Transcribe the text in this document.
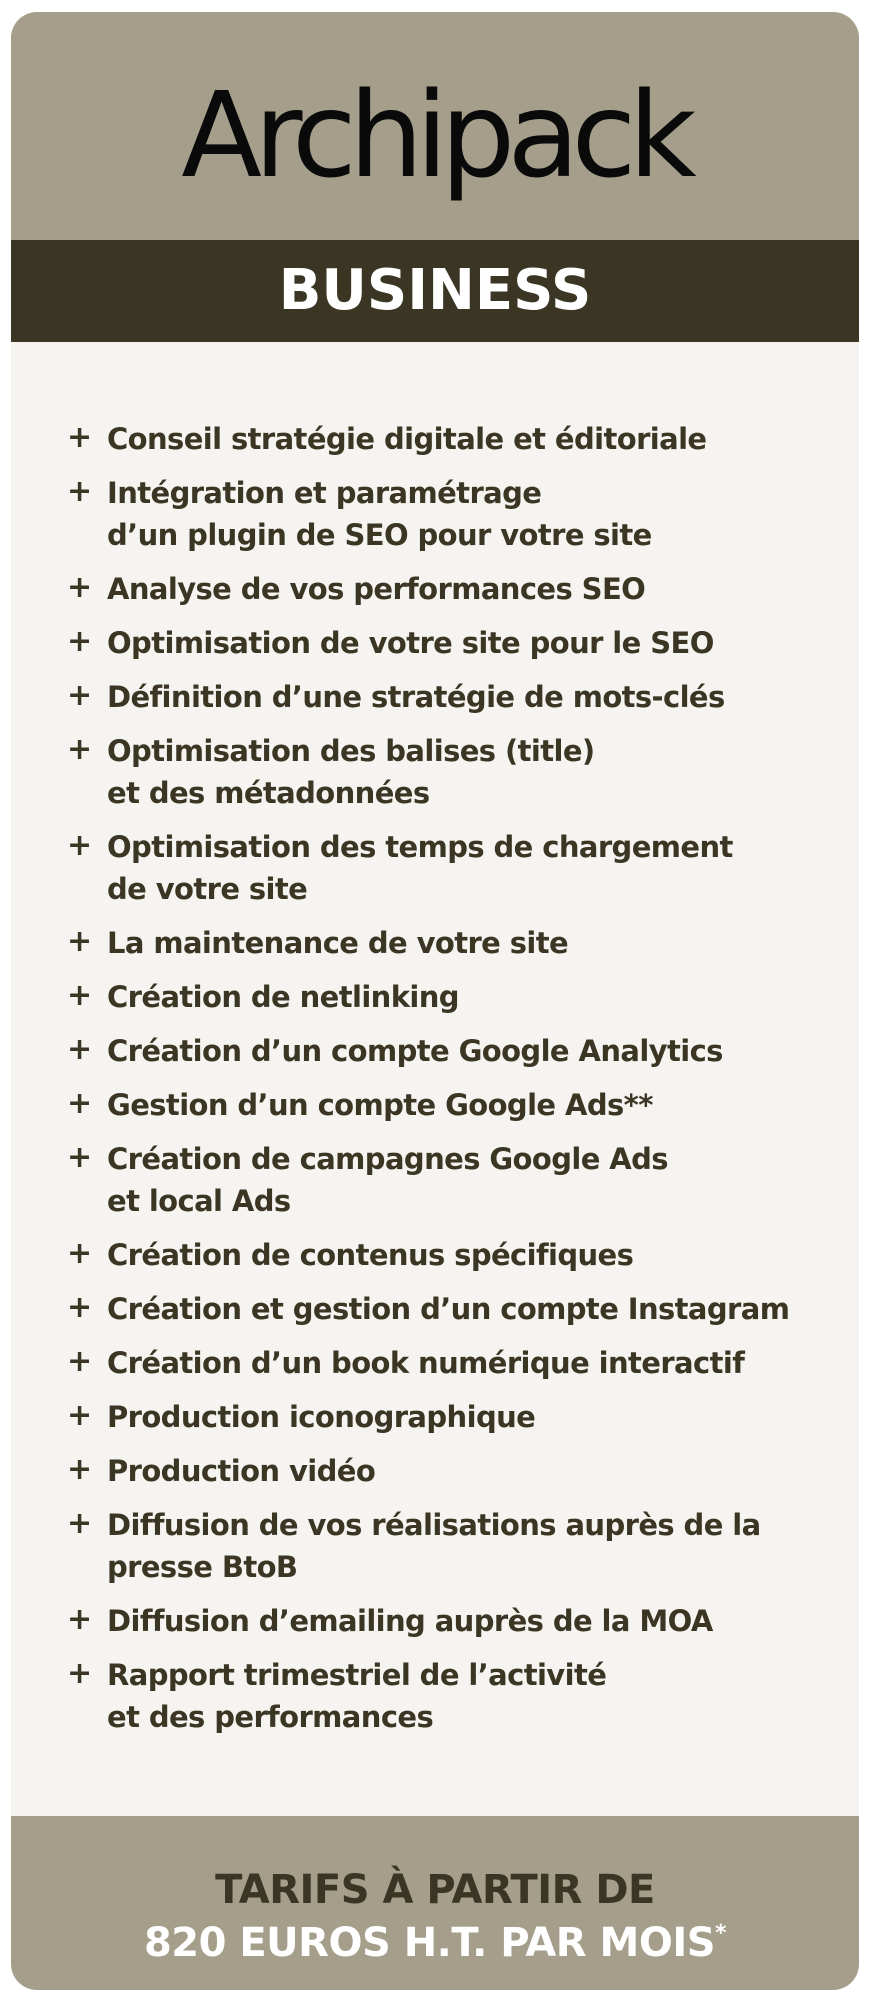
Archipack
BUSINESS
+ Conseil stratégie digitale et éditoriale
+ Intégration et paramétrage
d’un plugin de SEO pour votre site
+ Analyse de vos performances SEO
+ Optimisation de votre site pour le SEO
+ Définition d’une stratégie de mots-clés
+ Optimisation des balises (title)
et des métadonnées
+ Optimisation des temps de chargement
de votre site
+ La maintenance de votre site
+ Création de netlinking
+ Création d’un compte Google Analytics
+ Gestion d’un compte Google Ads**
+ Création de campagnes Google Ads
et local Ads
+ Création de contenus spécifiques
+ Création et gestion d’un compte Instagram
+ Création d’un book numérique interactif
+ Production iconographique
+ Production vidéo
+ Diffusion de vos réalisations auprès de la
presse BtoB
+ Diffusion d’emailing auprès de la MOA
+ Rapport trimestriel de l’activité
et des performances
TARIFS À PARTIR DE
820 EUROS H.T. PAR MOIS*
